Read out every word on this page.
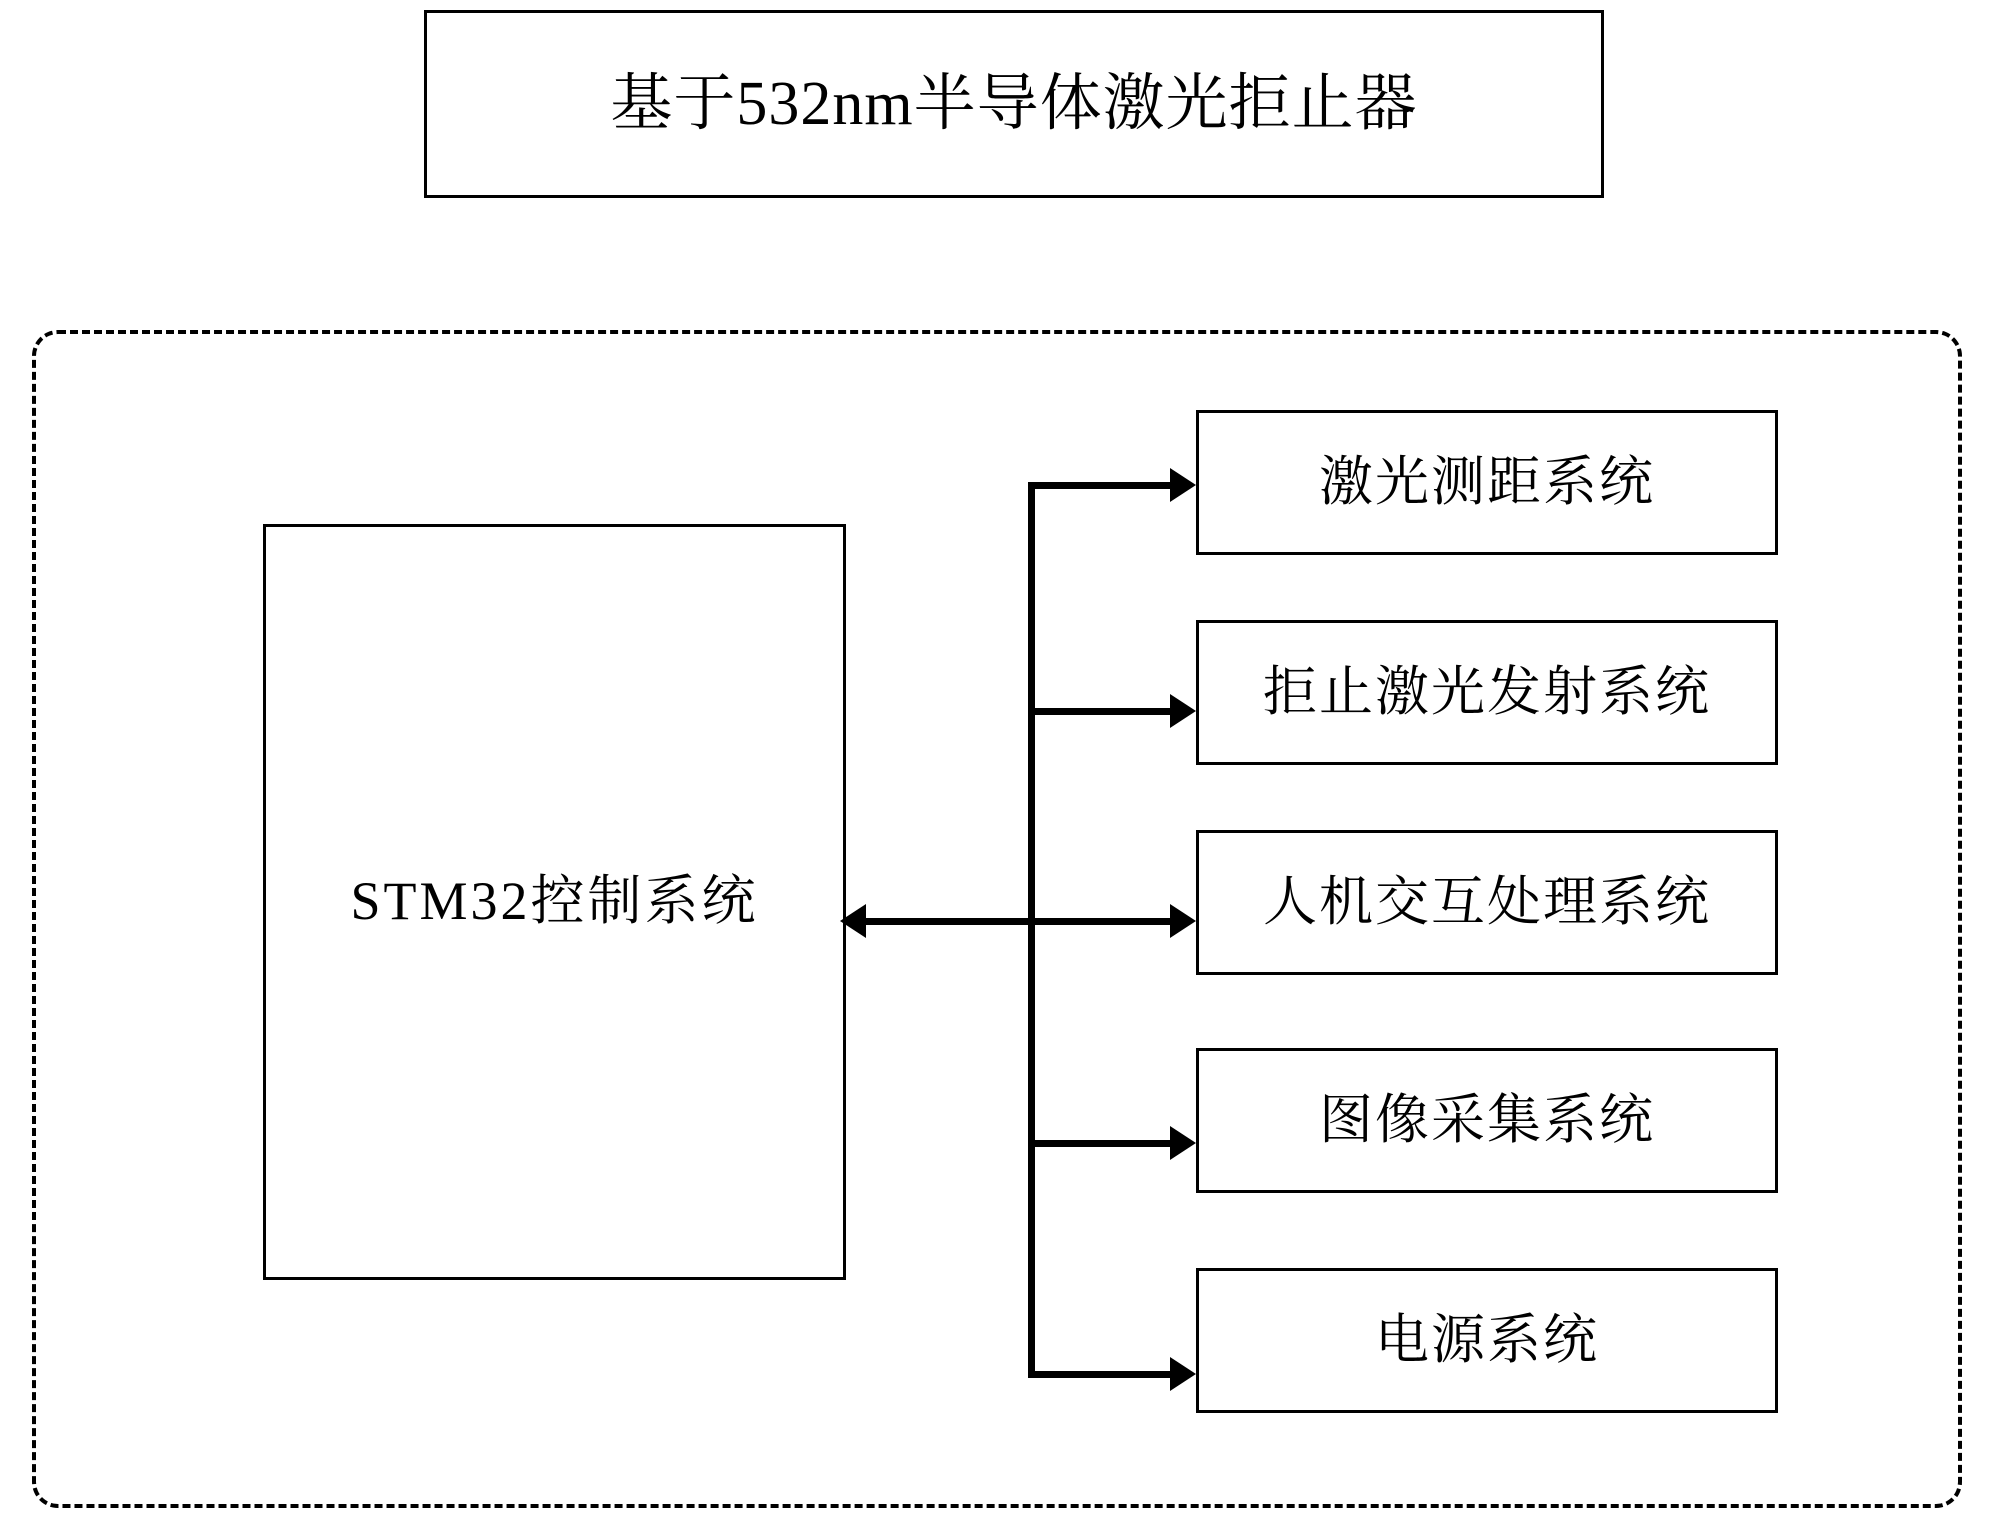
基于532nm半导体激光拒止器
STM32控制系统
激光测距系统
拒止激光发射系统
人机交互处理系统
图像采集系统
电源系统
